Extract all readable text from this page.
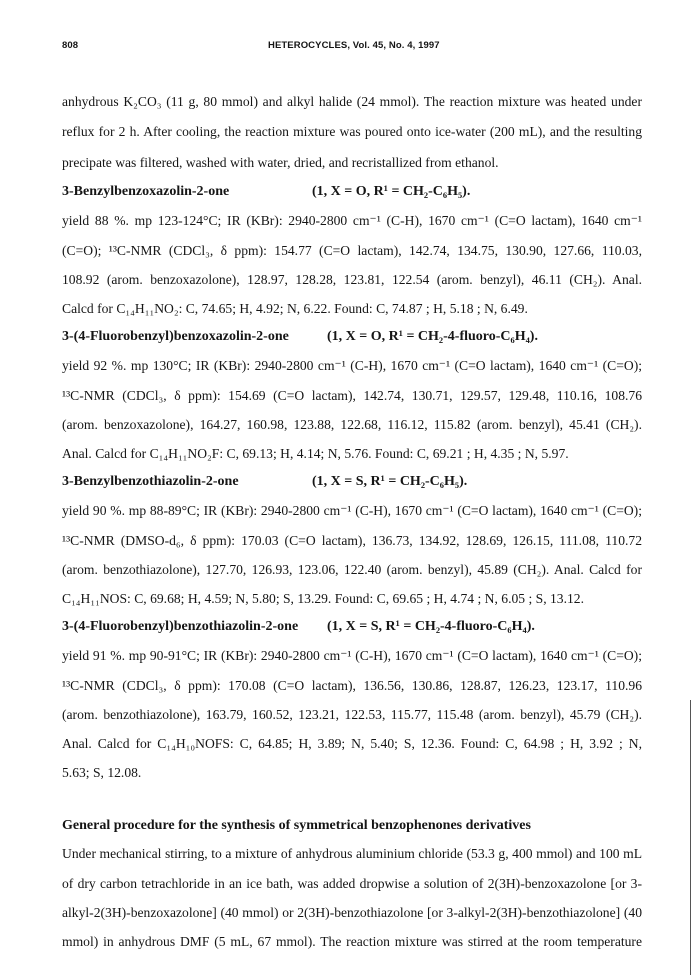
808	HETEROCYCLES, Vol. 45, No. 4, 1997
anhydrous K₂CO₃ (11 g, 80 mmol) and alkyl halide (24 mmol). The reaction mixture was heated under
reflux for 2 h. After cooling, the reaction mixture was poured onto ice-water (200 mL), and the resulting
precipate was filtered, washed with water, dried, and recristallized from ethanol.
3-Benzylbenzoxazolin-2-one	(1, X = O, R¹ = CH₂-C₆H₅).
yield 88 %. mp 123-124°C; IR (KBr): 2940-2800 cm⁻¹ (C-H), 1670 cm⁻¹ (C=O lactam), 1640 cm⁻¹
(C=O); ¹³C-NMR (CDCl₃, δ ppm): 154.77 (C=O lactam), 142.74, 134.75, 130.90, 127.66, 110.03,
108.92 (arom. benzoxazolone), 128.97, 128.28, 123.81, 122.54 (arom. benzyl), 46.11 (CH₂). Anal.
Calcd for C₁₄H₁₁NO₂: C, 74.65; H, 4.92; N, 6.22. Found: C, 74.87 ; H, 5.18 ; N, 6.49.
3-(4-Fluorobenzyl)benzoxazolin-2-one	(1, X = O, R¹ = CH₂-4-fluoro-C₆H₄).
yield 92 %. mp 130°C; IR (KBr): 2940-2800 cm⁻¹ (C-H), 1670 cm⁻¹ (C=O lactam), 1640 cm⁻¹ (C=O);
¹³C-NMR (CDCl₃, δ ppm): 154.69 (C=O lactam), 142.74, 130.71, 129.57, 129.48, 110.16, 108.76
(arom. benzoxazolone), 164.27, 160.98, 123.88, 122.68, 116.12, 115.82 (arom. benzyl), 45.41 (CH₂).
Anal. Calcd for C₁₄H₁₁NO₂F: C, 69.13; H, 4.14; N, 5.76. Found: C, 69.21 ; H, 4.35 ; N, 5.97.
3-Benzylbenzothiazolin-2-one	(1, X = S, R¹ = CH₂-C₆H₅).
yield 90 %. mp 88-89°C; IR (KBr): 2940-2800 cm⁻¹ (C-H), 1670 cm⁻¹ (C=O lactam), 1640 cm⁻¹ (C=O);
¹³C-NMR (DMSO-d₆, δ ppm): 170.03 (C=O lactam), 136.73, 134.92, 128.69, 126.15, 111.08, 110.72
(arom. benzothiazolone), 127.70, 126.93, 123.06, 122.40 (arom. benzyl), 45.89 (CH₂). Anal. Calcd for
C₁₄H₁₁NOS: C, 69.68; H, 4.59; N, 5.80; S, 13.29. Found: C, 69.65 ; H, 4.74 ; N, 6.05 ; S, 13.12.
3-(4-Fluorobenzyl)benzothiazolin-2-one (1, X = S, R¹ = CH₂-4-fluoro-C₆H₄).
yield 91 %. mp 90-91°C; IR (KBr): 2940-2800 cm⁻¹ (C-H), 1670 cm⁻¹ (C=O lactam), 1640 cm⁻¹ (C=O);
¹³C-NMR (CDCl₃, δ ppm): 170.08 (C=O lactam), 136.56, 130.86, 128.87, 126.23, 123.17, 110.96
(arom. benzothiazolone), 163.79, 160.52, 123.21, 122.53, 115.77, 115.48 (arom. benzyl), 45.79 (CH₂).
Anal. Calcd for C₁₄H₁₀NOFS: C, 64.85; H, 3.89; N, 5.40; S, 12.36. Found: C, 64.98 ; H, 3.92 ; N,
5.63; S, 12.08.
General procedure for the synthesis of symmetrical benzophenones derivatives
Under mechanical stirring, to a mixture of anhydrous aluminium chloride (53.3 g, 400 mmol) and 100 mL
of dry carbon tetrachloride in an ice bath, was added dropwise a solution of 2(3H)-benzoxazolone [or 3-
alkyl-2(3H)-benzoxazolone] (40 mmol) or 2(3H)-benzothiazolone [or 3-alkyl-2(3H)-benzothiazolone] (40
mmol) in anhydrous DMF (5 mL, 67 mmol). The reaction mixture was stirred at the room temperature
